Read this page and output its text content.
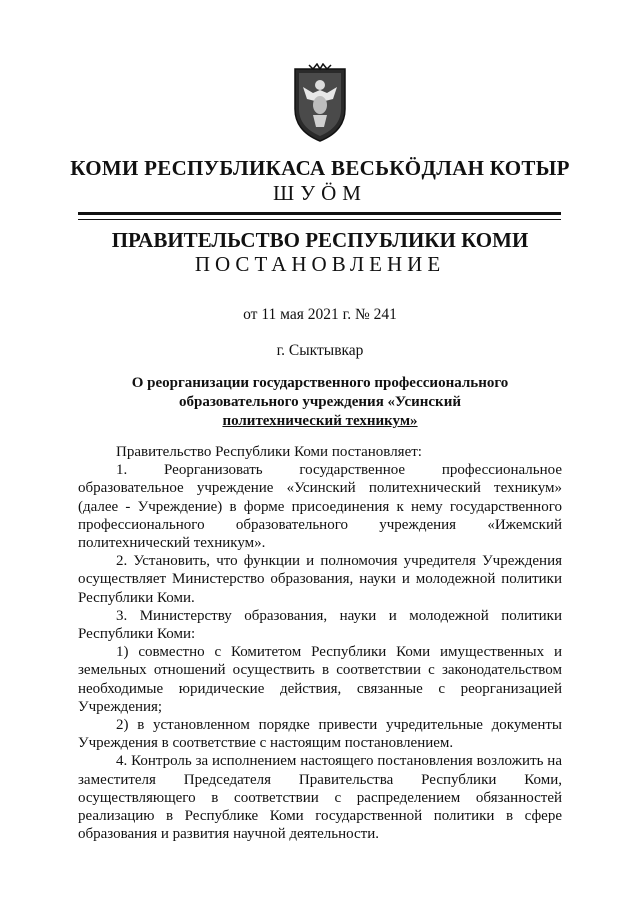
КОМИ РЕСПУБЛИКАСА ВЕСЬКӦДЛАН КОТЫР
ШУӦМ
ПРАВИТЕЛЬСТВО РЕСПУБЛИКИ КОМИ
ПОСТАНОВЛЕНИЕ
от 11 мая 2021 г. № 241
г. Сыктывкар
О реорганизации государственного профессионального
образовательного учреждения «Усинский
политехнический техникум»

Правительство Республики Коми постановляет:

1. Реорганизовать государственное профессиональное образовательное учреждение «Усинский политехнический техникум» (далее - Учреждение) в форме присоединения к нему государственного профессионального образовательного учреждения «Ижемский политехнический техникум».

2. Установить, что функции и полномочия учредителя Учреждения осуществляет Министерство образования, науки и молодежной политики Республики Коми.

3. Министерству образования, науки и молодежной политики Республики Коми:

1) совместно с Комитетом Республики Коми имущественных и земельных отношений осуществить в соответствии с законодательством необходимые юридические действия, связанные с реорганизацией Учреждения;

2) в установленном порядке привести учредительные документы Учреждения в соответствие с настоящим постановлением.

4. Контроль за исполнением настоящего постановления возложить на заместителя Председателя Правительства Республики Коми, осуществляющего в соответствии с распределением обязанностей реализацию в Республике Коми государственной политики в сфере образования и развития научной деятельности.
